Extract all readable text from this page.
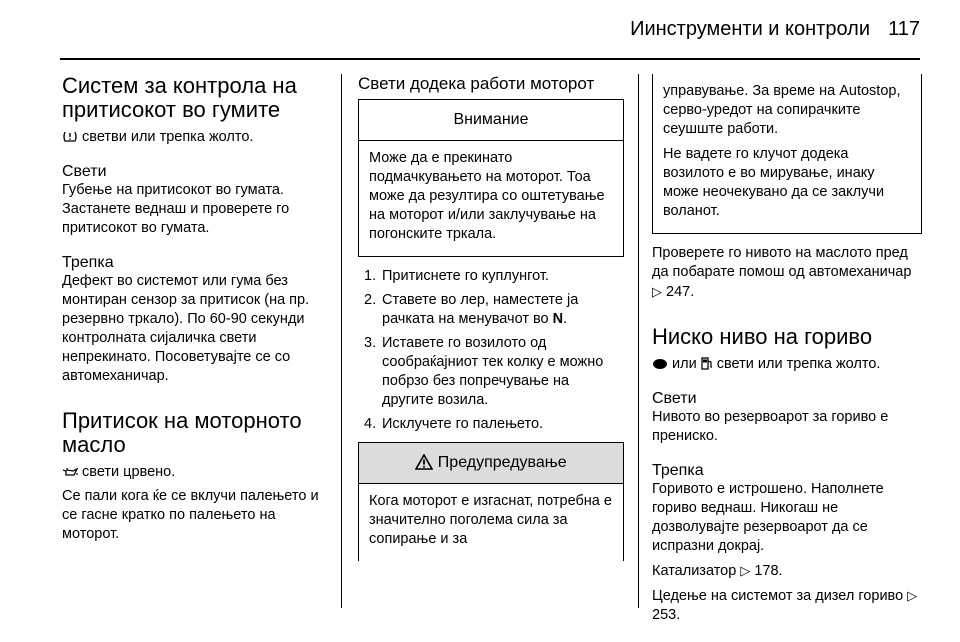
Иинструменти и контроли 117
Систем за контрола на притисокот во гумите

светви или трепка жолто.

Свети

Губење на притисокот во гумата. Застанете веднаш и проверете го притисокот во гумата.

Трепка

Дефект во системот или гума без монтиран сензор за притисок (на пр. резервно тркало). По 60-90 секунди контролната сијаличка свети непрекинато. Посоветувајте се со автомеханичар.

Притисок на моторното масло

свети црвено.

Се пали кога ќе се вклучи палењето и се гасне кратко по палењето на моторот.

Свети додека работи моторот
Внимание

Може да е прекинато подмачкувањето на моторот. Тоа може да резултира со оштетување на моторот и/или заклучување на погонските тркала.

1. Притиснете го куплунгот.
2. Ставете во лер, наместете ја рачката на менувачот во N.
3. Иставете го возилото од сообраќајниот тек колку е можно побрзо без попречување на другите возила.
4. Исклучете го палењето.
Предупредување

Кога моторот е изгаснат, потребна е значително поголема сила за сопирање и за

управување. За време на Autostop, серво-уредот на сопирачките сеушште работи.

Не вадете го клучот додека возилото е во мирување, инаку може неочекувано да се заклучи воланот.

Проверете го нивото на маслото пред да побарате помош од автомеханичар ▷ 247.

Ниско ниво на гориво

или свети или трепка жолто.

Свети

Нивото во резервоарот за гориво е прениско.

Трепка

Горивото е истрошено. Наполнете гориво веднаш. Никогаш не дозволувајте резервоарот да се испразни докрај.

Катализатор ▷ 178.

Цедење на системот за дизел гориво ▷ 253.
